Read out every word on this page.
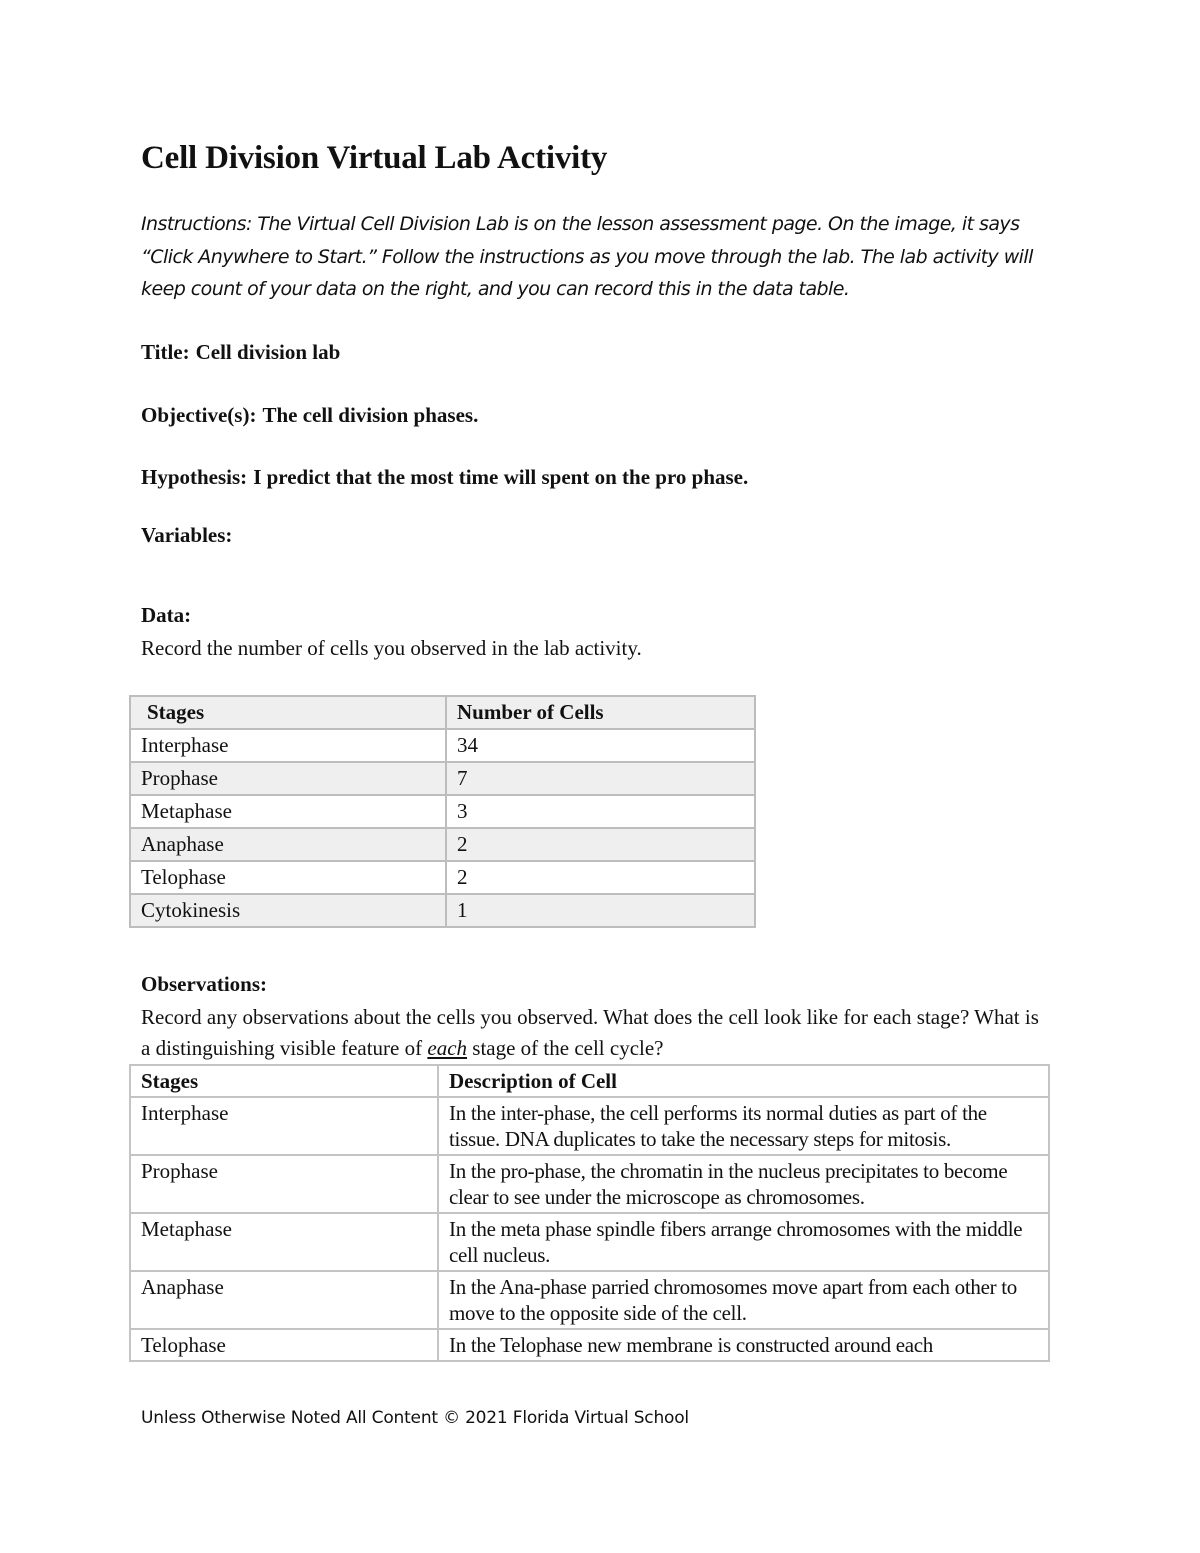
Cell Division Virtual Lab Activity
Instructions: The Virtual Cell Division Lab is on the lesson assessment page. On the image, it says “Click Anywhere to Start.” Follow the instructions as you move through the lab. The lab activity will keep count of your data on the right, and you can record this in the data table.
Title: Cell division lab
Objective(s): The cell division phases.
Hypothesis: I predict that the most time will spent on the pro phase.
Variables:
Data:
Record the number of cells you observed in the lab activity.
Stages	Number of Cells
Interphase	34
Prophase	7
Metaphase	3
Anaphase	2
Telophase	2
Cytokinesis	1
Observations:
Record any observations about the cells you observed. What does the cell look like for each stage? What is a distinguishing visible feature of each stage of the cell cycle?
Stages	Description of Cell
Interphase	In the inter-phase, the cell performs its normal duties as part of the tissue. DNA duplicates to take the necessary steps for mitosis.
Prophase	In the pro-phase, the chromatin in the nucleus precipitates to become clear to see under the microscope as chromosomes.
Metaphase	In the meta phase spindle fibers arrange chromosomes with the middle cell nucleus.
Anaphase	In the Ana-phase parried chromosomes move apart from each other to move to the opposite side of the cell.
Telophase	In the Telophase new membrane is constructed around each
Unless Otherwise Noted All Content © 2021 Florida Virtual School
